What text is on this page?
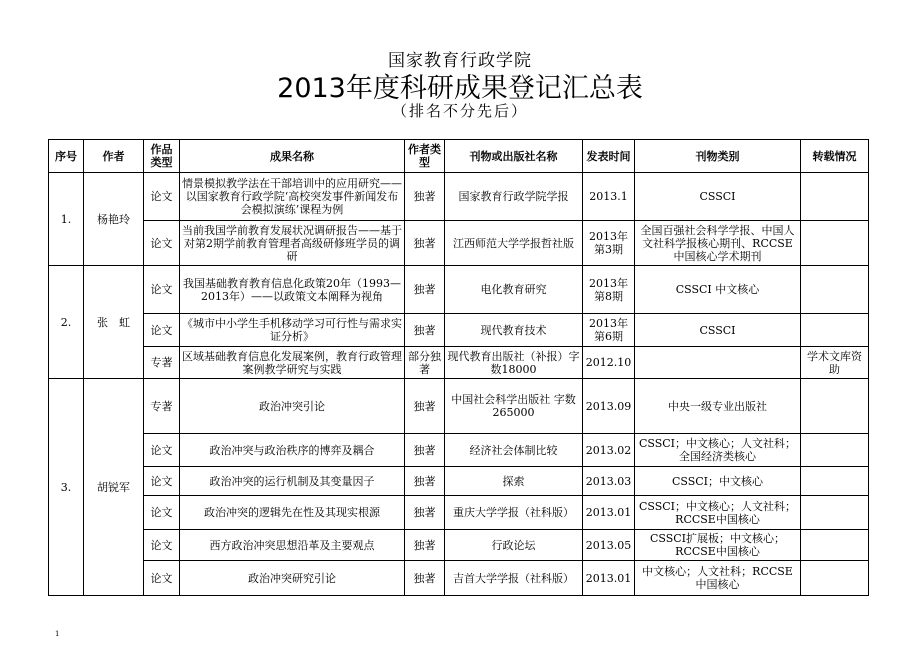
国家教育行政学院
2013年度科研成果登记汇总表
（排名不分先后）
序号	作者	作品类型	成果名称	作者类型	刊物或出版社名称	发表时间	刊物类别	转载情况
1.	杨艳玲	论文	情景模拟教学法在干部培训中的应用研究——以国家教育行政学院‘高校突发事件新闻发布会模拟演练’课程为例	独著	国家教育行政学院学报	2013.1	CSSCI	
		论文	当前我国学前教育发展状况调研报告——基于对第2期学前教育管理者高级研修班学员的调研	独著	江西师范大学学报哲社版	2013年第3期	全国百强社会科学学报、中国人文社科学报核心期刊、RCCSE中国核心学术期刊	
2.	张　虹	论文	我国基础教育教育信息化政策20年（1993—2013年）——以政策文本阐释为视角	独著	电化教育研究	2013年第8期	CSSCI 中文核心	
		论文	《城市中小学生手机移动学习可行性与需求实证分析》	独著	现代教育技术	2013年第6期	CSSCI	
		专著	区域基础教育信息化发展案例，教育行政管理案例教学研究与实践	部分独著	现代教育出版社（补报）字数18000	2012.10		学术文库资助
3.	胡锐军	专著	政治冲突引论	独著	中国社会科学出版社 字数265000	2013.09	中央一级专业出版社	
		论文	政治冲突与政治秩序的博弈及耦合	独著	经济社会体制比较	2013.02	CSSCI；中文核心；人文社科；全国经济类核心	
		论文	政治冲突的运行机制及其变量因子	独著	探索	2013.03	CSSCI；中文核心	
		论文	政治冲突的逻辑先在性及其现实根源	独著	重庆大学学报（社科版）	2013.01	CSSCI；中文核心；人文社科；RCCSE中国核心	
		论文	西方政治冲突思想沿革及主要观点	独著	行政论坛	2013.05	CSSCI扩展板；中文核心；RCCSE中国核心	
		论文	政治冲突研究引论	独著	吉首大学学报（社科版）	2013.01	中文核心；人文社科；RCCSE中国核心	
1
